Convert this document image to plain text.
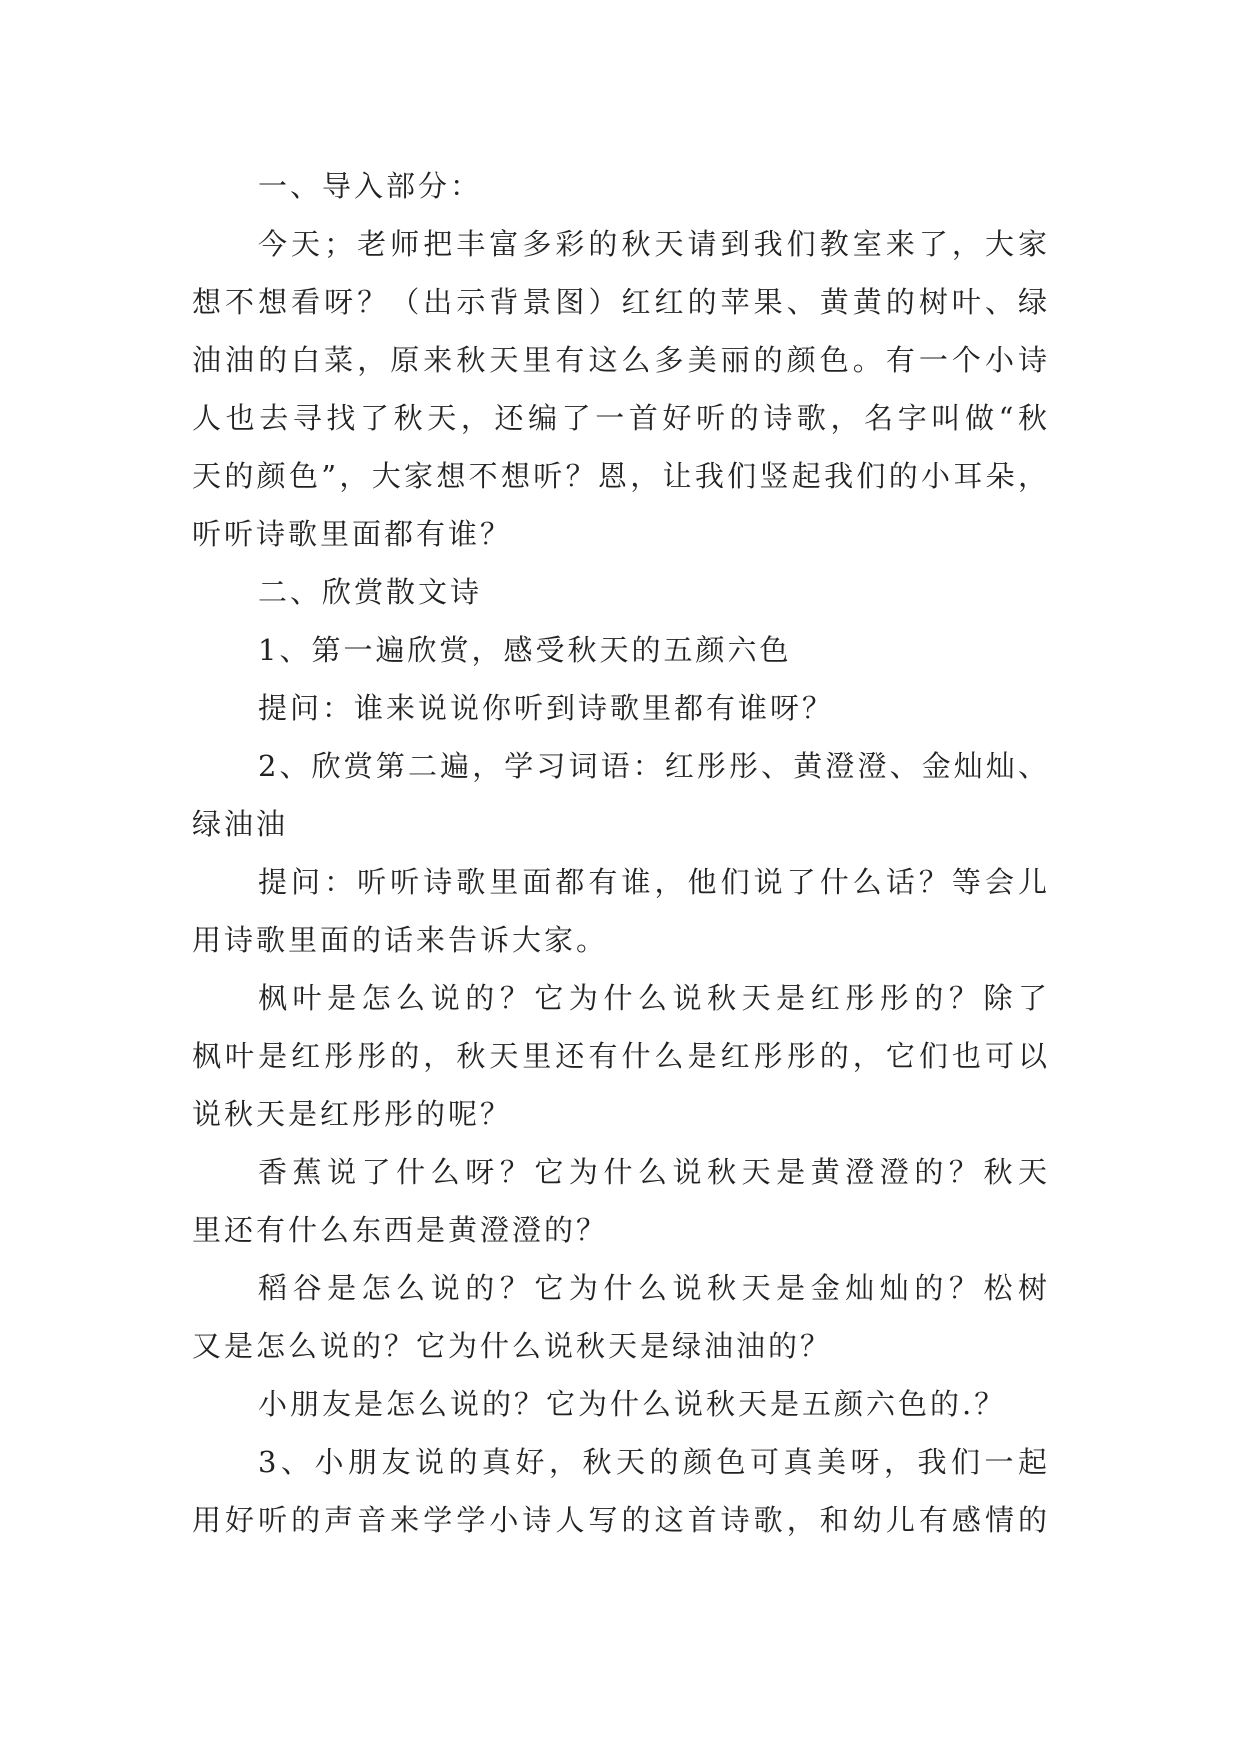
一、导入部分：
今天；老师把丰富多彩的秋天请到我们教室来了，大家
想不想看呀？（出示背景图）红红的苹果、黄黄的树叶、绿
油油的白菜，原来秋天里有这么多美丽的颜色。有一个小诗
人也去寻找了秋天，还编了一首好听的诗歌，名字叫做“秋
天的颜色”，大家想不想听？恩，让我们竖起我们的小耳朵，
听听诗歌里面都有谁？
二、欣赏散文诗
1、第一遍欣赏，感受秋天的五颜六色
提问：谁来说说你听到诗歌里都有谁呀？
2、欣赏第二遍，学习词语：红彤彤、黄澄澄、金灿灿、
绿油油
提问：听听诗歌里面都有谁，他们说了什么话？等会儿
用诗歌里面的话来告诉大家。
枫叶是怎么说的？它为什么说秋天是红彤彤的？除了
枫叶是红彤彤的，秋天里还有什么是红彤彤的，它们也可以
说秋天是红彤彤的呢？
香蕉说了什么呀？它为什么说秋天是黄澄澄的？秋天
里还有什么东西是黄澄澄的？
稻谷是怎么说的？它为什么说秋天是金灿灿的？松树
又是怎么说的？它为什么说秋天是绿油油的？
小朋友是怎么说的？它为什么说秋天是五颜六色的.？
3、小朋友说的真好，秋天的颜色可真美呀，我们一起
用好听的声音来学学小诗人写的这首诗歌，和幼儿有感情的
